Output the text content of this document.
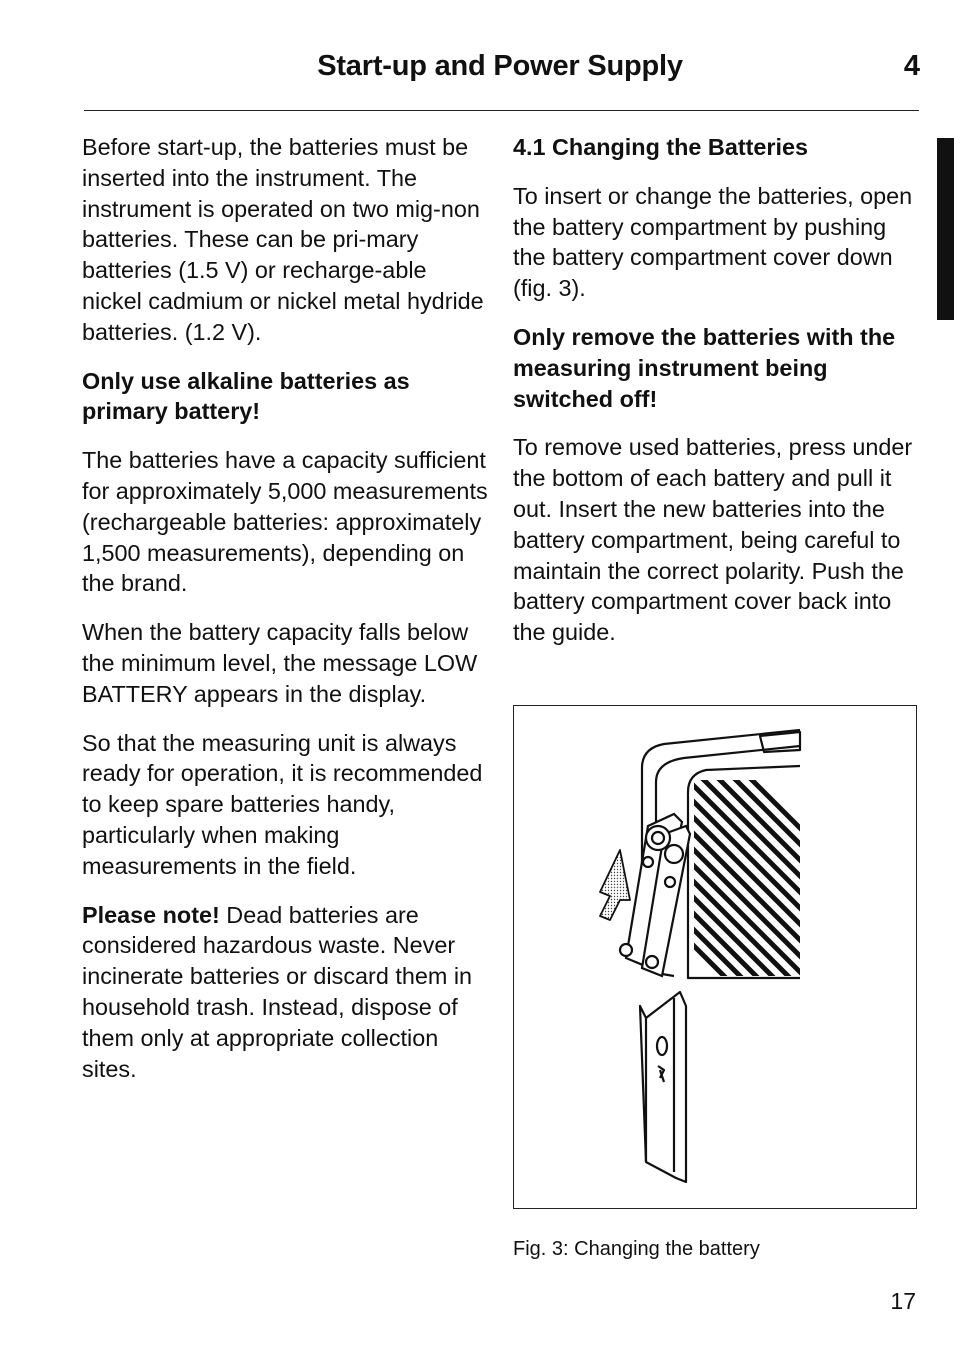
Start-up and Power Supply	4

Before start-up, the batteries must be inserted into the instrument. The instrument is operated on two mig-non batteries. These can be pri-mary batteries (1.5 V) or recharge-able nickel cadmium or nickel metal hydride batteries. (1.2 V).

Only use alkaline batteries as primary battery!

The batteries have a capacity sufficient for approximately 5,000 measurements (rechargeable batteries: approximately 1,500 measurements), depending on the brand.

When the battery capacity falls below the minimum level, the message LOW BATTERY appears in the display.

So that the measuring unit is always ready for operation, it is recommended to keep spare batteries handy, particularly when making measurements in the field.

Please note! Dead batteries are considered hazardous waste. Never incinerate batteries or discard them in household trash. Instead, dispose of them only at appropriate collection sites.

4.1 Changing the Batteries

To insert or change the batteries, open the battery compartment by pushing the battery compartment cover down (fig. 3).

Only remove the batteries with the measuring instrument being switched off!

To remove used batteries, press under the bottom of each battery and pull it out. Insert the new batteries into the battery compartment, being careful to maintain the correct polarity. Push the battery compartment cover back into the guide.

Fig. 3: Changing the battery
17
